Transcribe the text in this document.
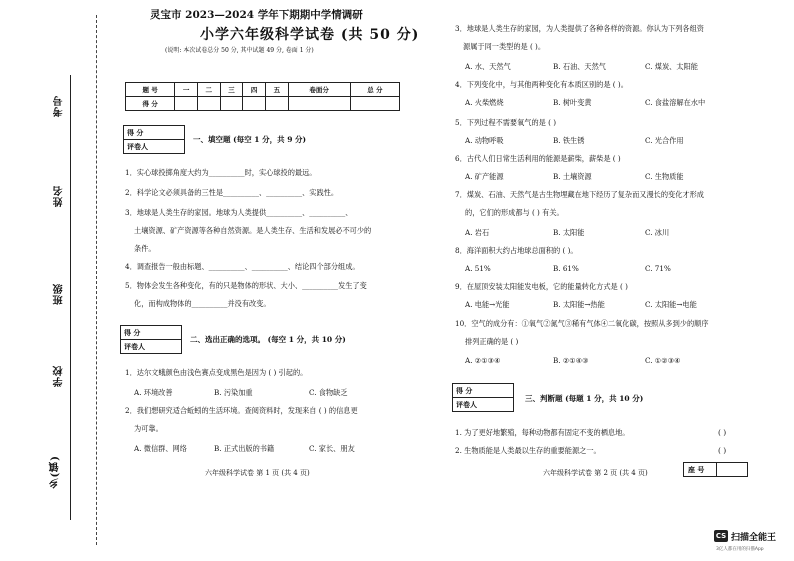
考号
姓名
班级
学校
乡(镇)
灵宝市 2023—2024 学年下期期中学情调研
小学六年级科学试卷 (共 50 分)
(说明: 本次试卷总分 50 分, 其中试题 49 分, 卷面 1 分)
题 号	一	二	三	四	五	卷面分	总 分
得 分							
得 分
评卷人
一、填空题 (每空 1 分，共 9 分)
1．实心球投掷角度大约为__________时，实心球投的最远。
2．科学论文必须具备的三性是__________、__________、实践性。
3．地球是人类生存的家园。地球为人类提供__________、__________、
土壤资源、矿产资源等各种自然资源。是人类生存、生活和发展必不可少的
条件。
4．调查报告一般由标题、__________、__________、结论四个部分组成。
5．物体会发生各种变化，有的只是物体的形状、大小、__________发生了变
化，而构成物体的__________并没有改变。
得 分
评卷人
二、选出正确的选项。 (每空 1 分，共 10 分)
1．达尔文蛾颜色由浅色赛点变成黑色是因为 ( ) 引起的。
A. 环境改善	B. 污染加重	C. 食物缺乏
2．我们想研究适合蚯蚓的生活环境。查阅资料时，发现来自 ( ) 的信息更
为可靠。
A. 微信群、网络	B. 正式出版的书籍	C. 家长、朋友
六年级科学试卷 第 1 页 (共 4 页)
3．地球是人类生存的家园，为人类提供了各种各样的资源。你认为下列各组资
源属于同一类型的是 ( )。
A. 水、天然气	B. 石油、天然气	C. 煤炭、太阳能
4．下列变化中，与其他两种变化有本质区别的是 ( )。
A. 火柴燃烧	B. 树叶变黄	C. 食盐溶解在水中
5．下列过程不需要氧气的是 ( )
A. 动物呼吸	B. 铁生锈	C. 光合作用
6．古代人们日常生活利用的能源是薪柴，薪柴是 ( )
A. 矿产能源	B. 土壤资源	C. 生物质能
7．煤炭、石油、天然气是古生物埋藏在地下经历了复杂而又漫长的变化才形成
的，它们的形成都与 ( ) 有关。
A. 岩石	B. 太阳能	C. 冰川
8．海洋面积大约占地球总面积的 ( )。
A. 51%	B. 61%	C. 71%
9．在屋顶安装太阳能发电板，它的能量转化方式是 ( )
A. 电能→光能	B. 太阳能→热能	C. 太阳能→电能
10．空气的成分有：①氧气②氮气③稀有气体④二氧化碳，按照从多到少的顺序
排列正确的是 ( )
A. ②①③④	B. ②①④③	C. ①②③④
得 分
评卷人
三、判断题 (每题 1 分，共 10 分)
1. 为了更好地繁殖，每种动物都有固定不变的栖息地。	( )
2. 生物质能是人类最以生存的重要能源之一。	( )
六年级科学试卷 第 2 页 (共 4 页)	座 号	
CS 扫描全能王
3亿人都在用的扫描App
